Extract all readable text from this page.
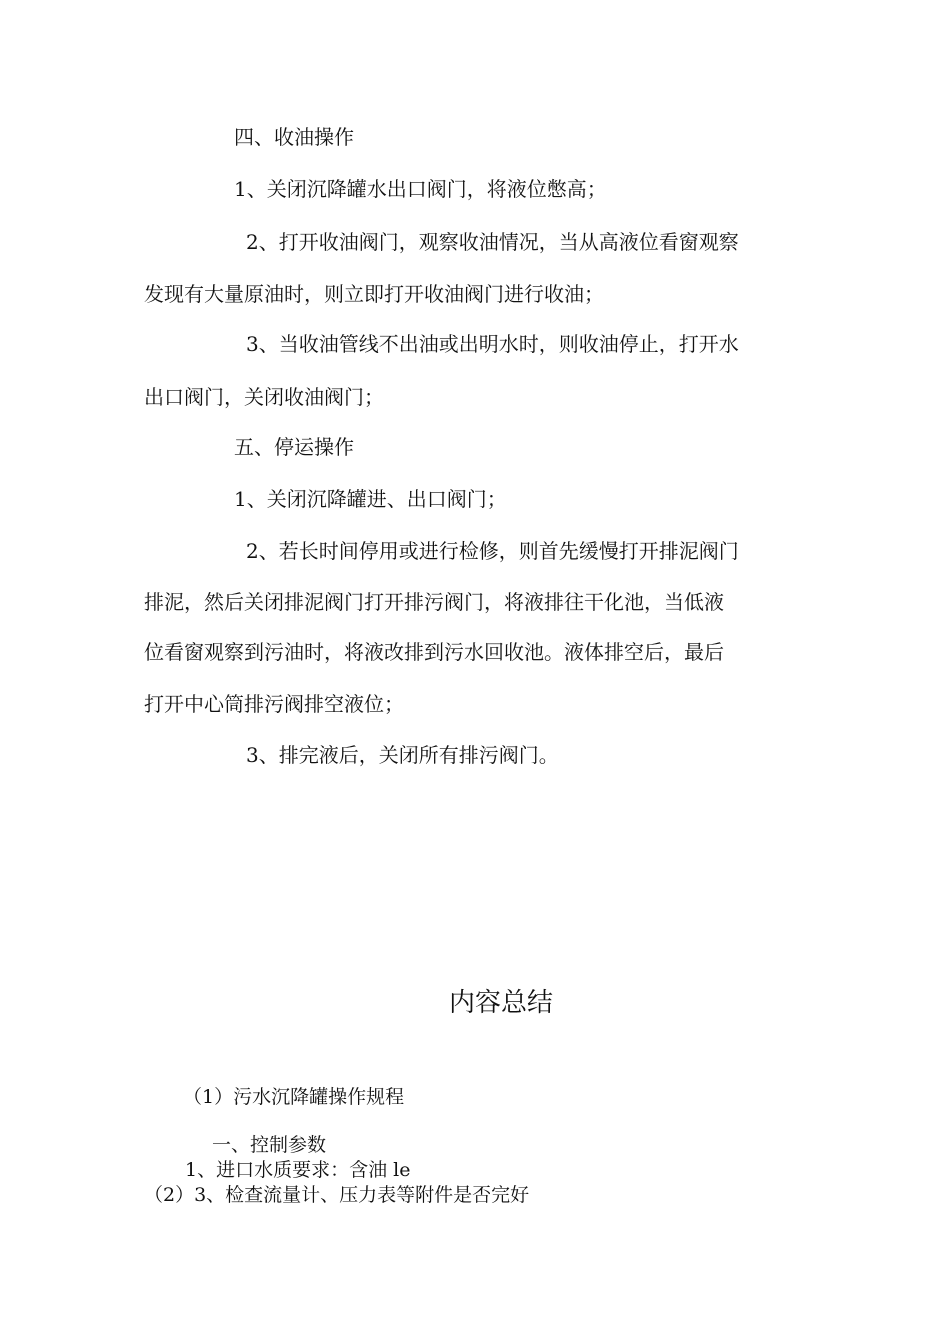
四、收油操作

1、关闭沉降罐水出口阀门，将液位憋高；

2、打开收油阀门，观察收油情况，当从高液位看窗观察

发现有大量原油时，则立即打开收油阀门进行收油；

3、当收油管线不出油或出明水时，则收油停止，打开水

出口阀门，关闭收油阀门；

五、停运操作

1、关闭沉降罐进、出口阀门；

2、若长时间停用或进行检修，则首先缓慢打开排泥阀门

排泥，然后关闭排泥阀门打开排污阀门，将液排往干化池，当低液

位看窗观察到污油时，将液改排到污水回收池。液体排空后，最后

打开中心筒排污阀排空液位；

3、排完液后，关闭所有排污阀门。

内容总结

（1）污水沉降罐操作规程

一、控制参数

1、进口水质要求：含油 le

（2）3、检查流量计、压力表等附件是否完好
